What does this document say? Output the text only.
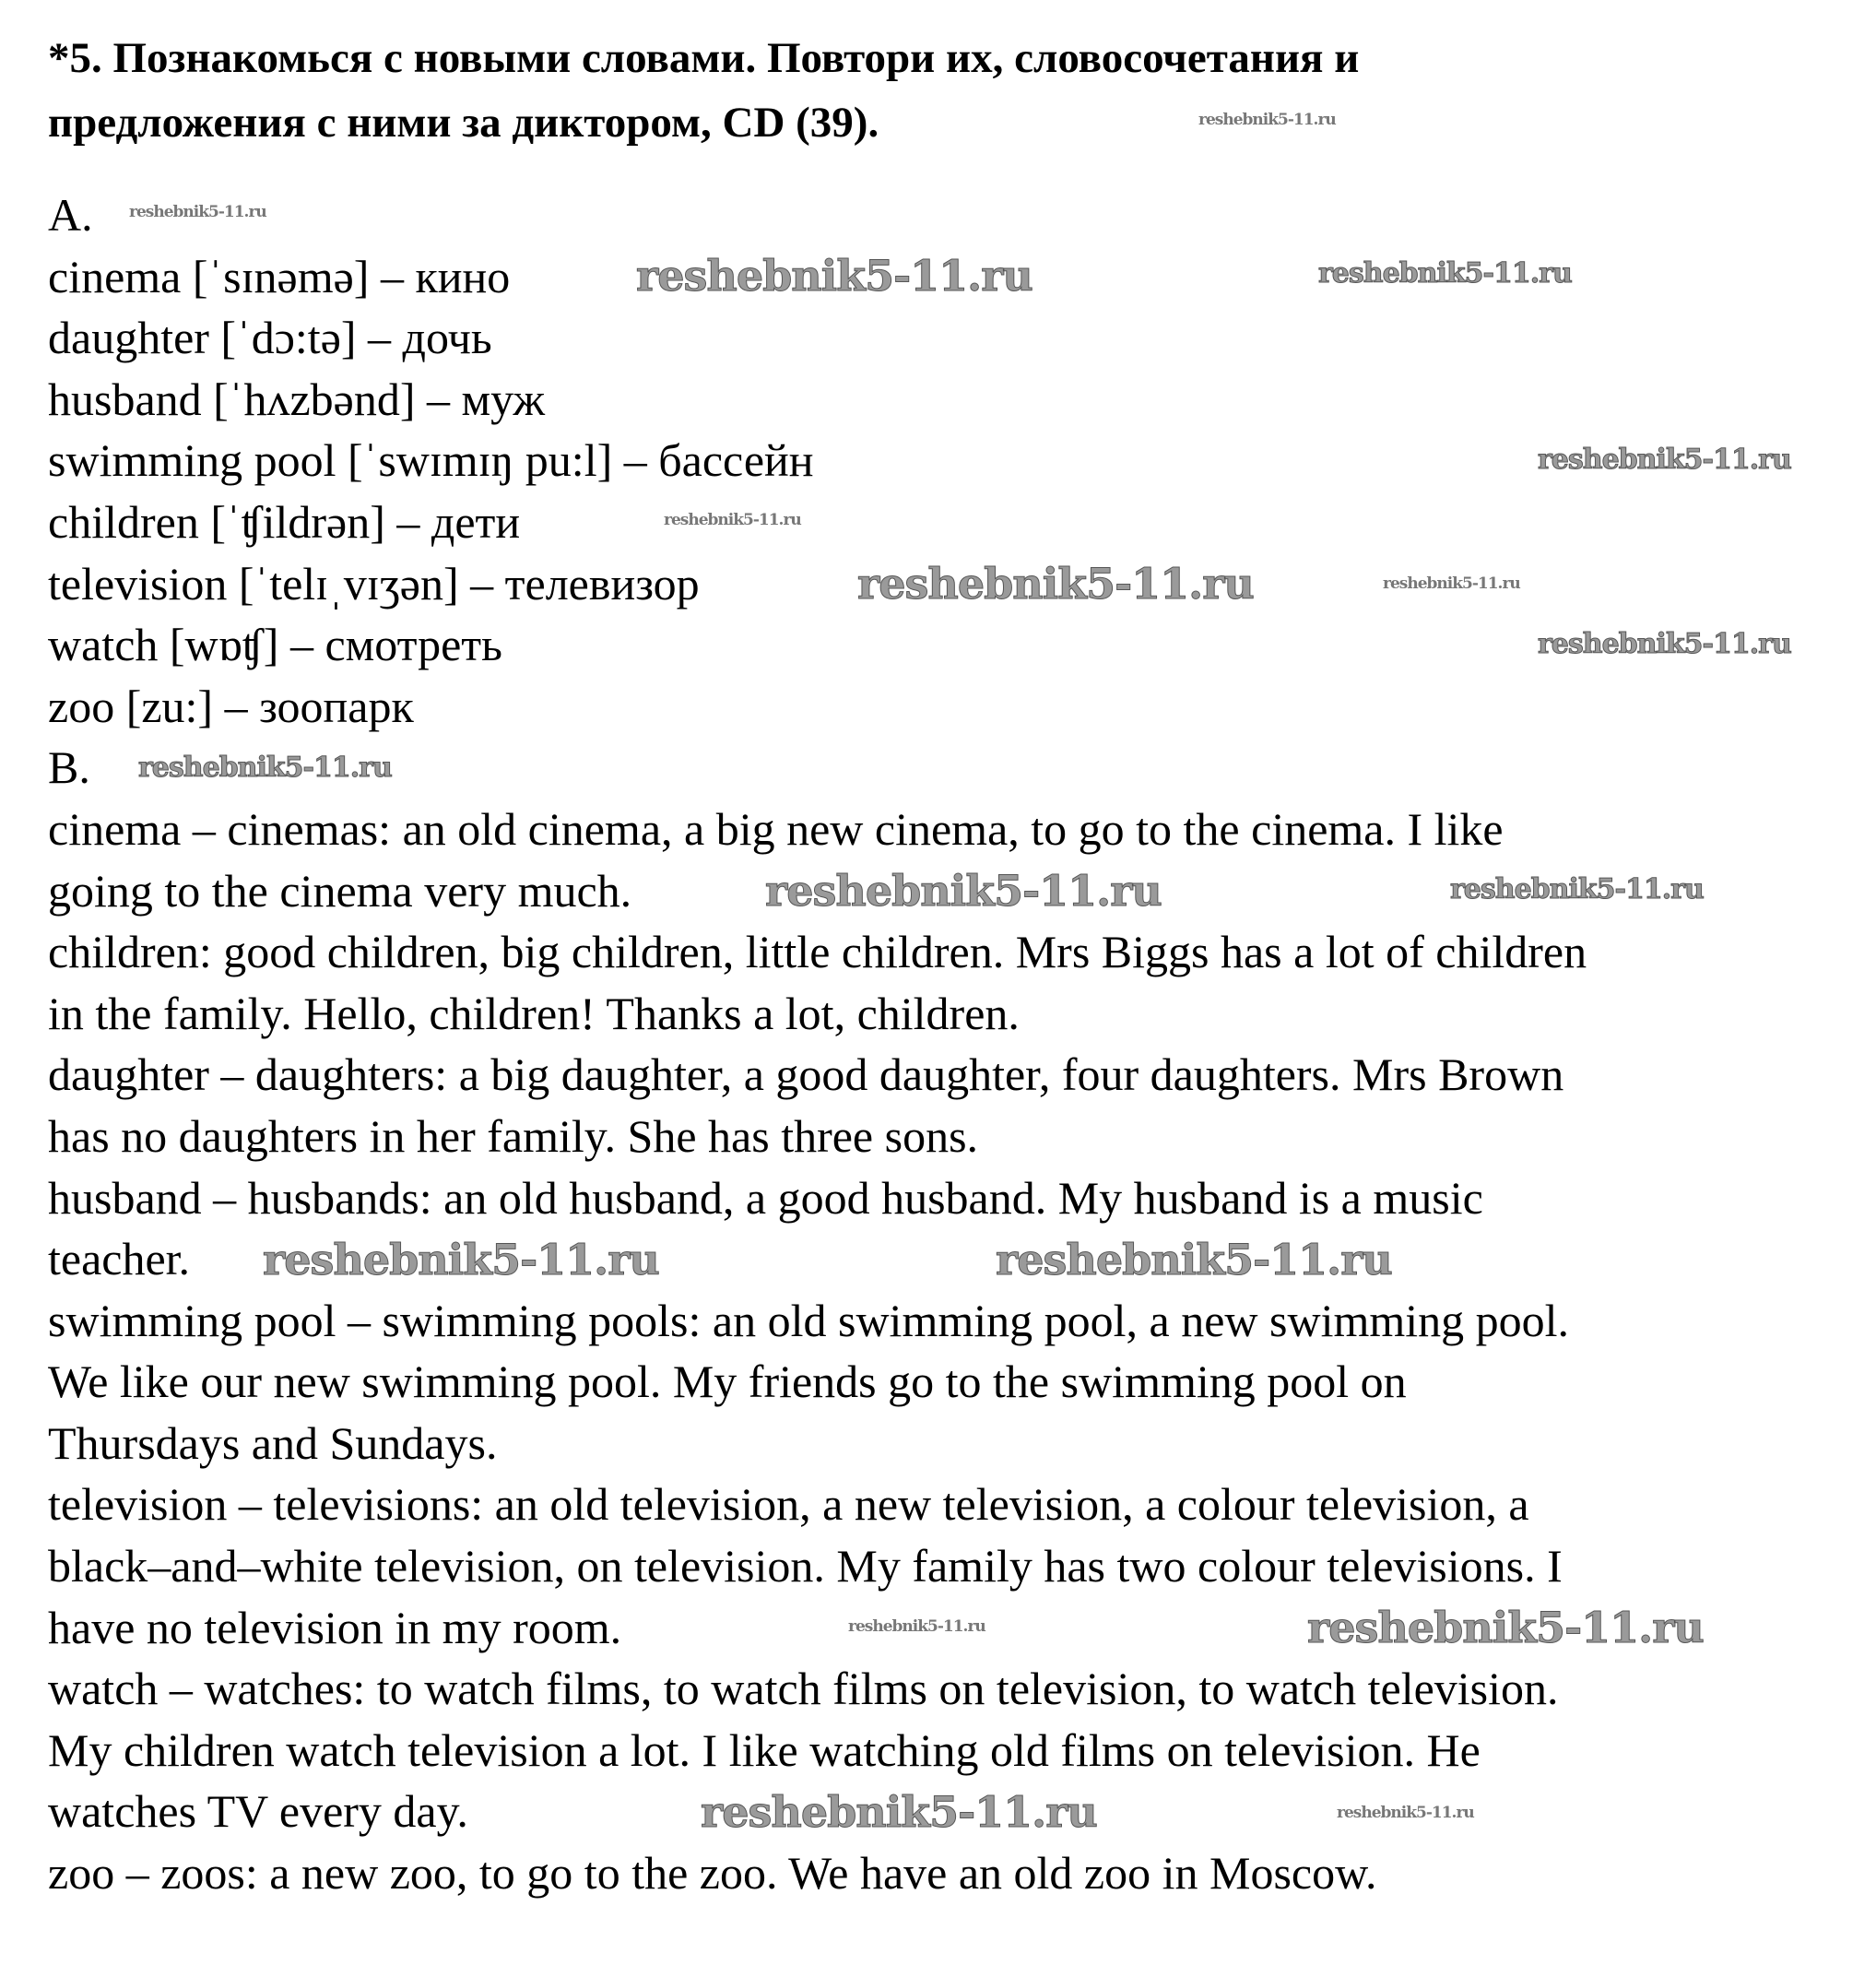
*5. Познакомься с новыми словами. Повтори их, словосочетания и
предложения с ними за диктором, CD (39).
A.
cinema [ˈsɪnəmə] – кино
daughter [ˈdɔ:tə] – дочь
husband [ˈhʌzbənd] – муж
swimming pool [ˈswɪmɪŋ pu:l] – бассейн
children [ˈʧildrən] – дети
television [ˈtelɪˌvɪʒən] – телевизор
watch [wɒʧ] – смотреть
zoo [zu:] – зоопарк
B.
cinema – cinemas: an old cinema, a big new cinema, to go to the cinema. I like
going to the cinema very much.
children: good children, big children, little children. Mrs Biggs has a lot of children
in the family. Hello, children! Thanks a lot, children.
daughter – daughters: a big daughter, a good daughter, four daughters. Mrs Brown
has no daughters in her family. She has three sons.
husband – husbands: an old husband, a good husband. My husband is a music
teacher.
swimming pool – swimming pools: an old swimming pool, a new swimming pool.
We like our new swimming pool. My friends go to the swimming pool on
Thursdays and Sundays.
television – televisions: an old television, a new television, a colour television, a
black–and–white television, on television. My family has two colour televisions. I
have no television in my room.
watch – watches: to watch films, to watch films on television, to watch television.
My children watch television a lot. I like watching old films on television. He
watches TV every day.
zoo – zoos: a new zoo, to go to the zoo. We have an old zoo in Moscow.
reshebnik5-11.ru
reshebnik5-11.ru
reshebnik5-11.ru	reshebnik5-11.ru
reshebnik5-11.ru
reshebnik5-11.ru
reshebnik5-11.ru
reshebnik5-11.ru
reshebnik5-11.ru
reshebnik5-11.ru
reshebnik5-11.ru	reshebnik5-11.ru
reshebnik5-11.ru	reshebnik5-11.ru
reshebnik5-11.ru	reshebnik5-11.ru
reshebnik5-11.ru
reshebnik5-11.ru
